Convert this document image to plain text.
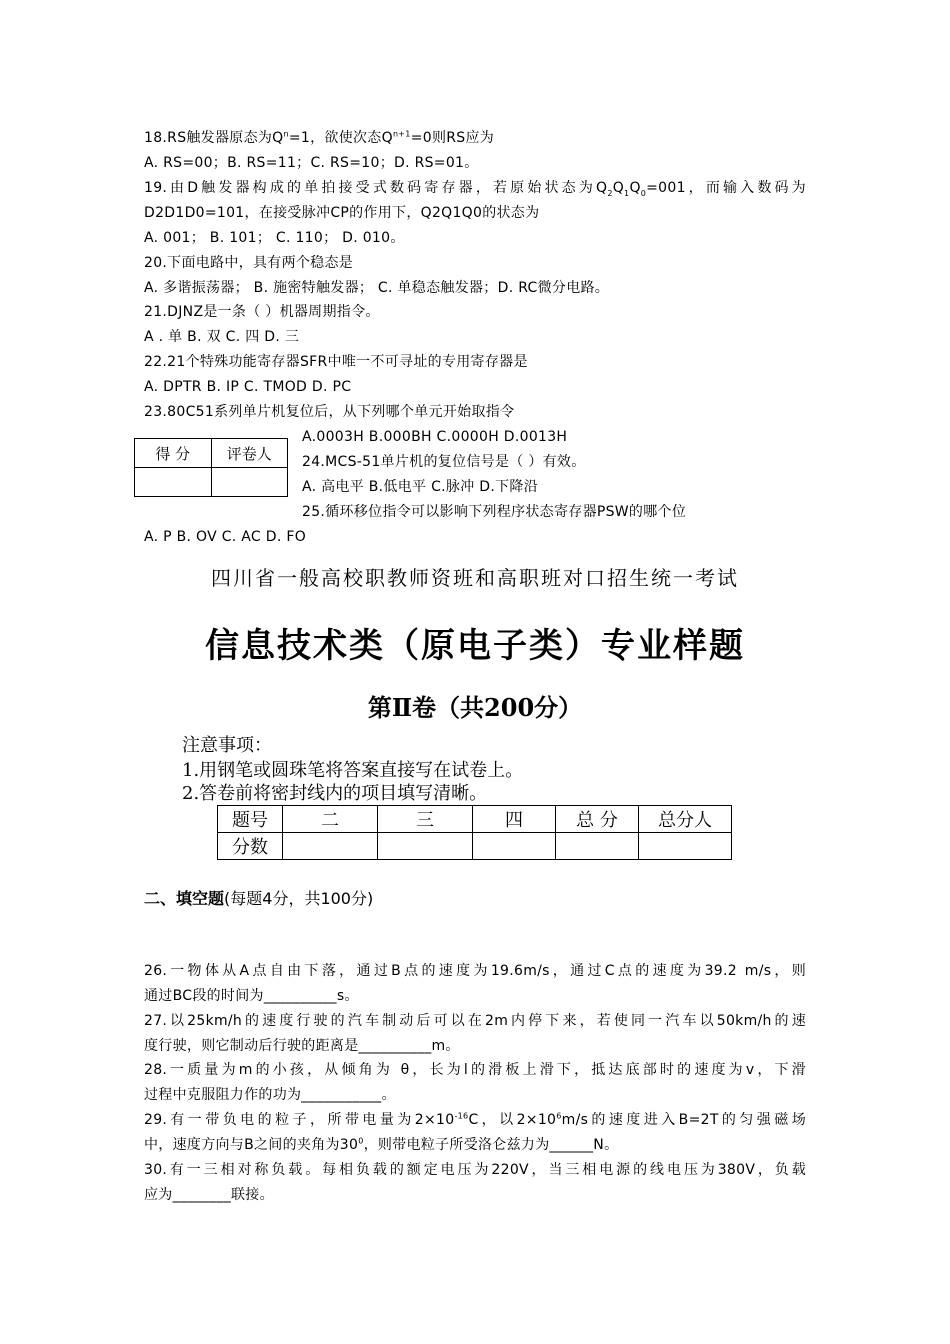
18.RS触发器原态为$Q^n=1$，欲使次态$Q^{n+1}=0$则RS应为
A. RS=00；B. RS=11；C. RS=10；D. RS=01。
19.由D触发器构成的单拍接受式数码寄存器，若原始状态为$Q_2Q_1Q_0=001$，而输入数码为
D2D1D0=101，在接受脉冲CP的作用下，Q2Q1Q0的状态为
A. 001； B. 101； C. 110； D. 010。
20.下面电路中，具有两个稳态是
A. 多谐振荡器； B. 施密特触发器； C. 单稳态触发器；D. RC微分电路。
21.DJNZ是一条（ ）机器周期指令。
A . 单 B. 双 C. 四 D. 三
22.21个特殊功能寄存器SFR中唯一不可寻址的专用寄存器是
A. DPTR B. IP C. TMOD D. PC
23.80C51系列单片机复位后，从下列哪个单元开始取指令
得 分	评卷人

A.0003H B.000BH C.0000H D.0013H
24.MCS-51单片机的复位信号是（ ）有效。
A. 高电平 B.低电平 C.脉冲 D.下降沿
25.循环移位指令可以影响下列程序状态寄存器PSW的哪个位
A. P B. OV C. AC D. FO
四川省一般高校职教师资班和高职班对口招生统一考试
信息技术类（原电子类）专业样题
第Ⅱ卷（共200分）
注意事项：
1.用钢笔或圆珠笔将答案直接写在试卷上。
2.答卷前将密封线内的项目填写清晰。
题号	二	三	四	总 分	总分人
分数					
二、填空题(每题4分，共100分)
26.一物体从A点自由下落，通过B点的速度为19.6m/s，通过C点的速度为39.2 m/s，则
通过BC段的时间为__________s。
27.以25km/h的速度行驶的汽车制动后可以在2m内停下来，若使同一汽车以50km/h的速
度行驶，则它制动后行驶的距离是__________m。
28.一质量为m的小孩，从倾角为 θ，长为l的滑板上滑下，抵达底部时的速度为v，下滑
过程中克服阻力作的功为___________。
29.有一带负电的粒子，所带电量为$2\times 10^{-16}C$，以$2\times 10^6m/s$的速度进入B=2T的匀强磁场
中，速度方向与B之间的夹角为$30^0$，则带电粒子所受洛仑兹力为______N。
30.有一三相对称负载。每相负载的额定电压为220V，当三相电源的线电压为380V，负载
应为________联接。
